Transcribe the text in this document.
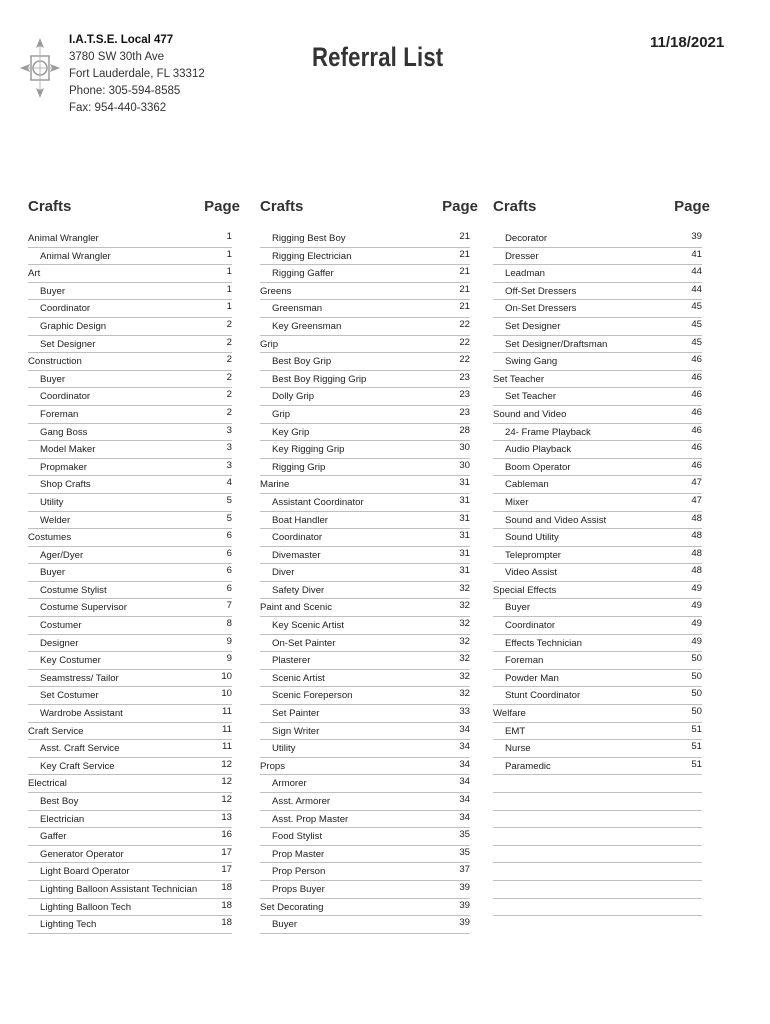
I.A.T.S.E. Local 477
3780 SW 30th Ave
Fort Lauderdale, FL 33312
Phone: 305-594-8585
Fax: 954-440-3362
Referral List	11/18/2021
Crafts	Page
Animal Wrangler	1
Animal Wrangler	1
Art	1
Buyer	1
Coordinator	1
Graphic Design	2
Set Designer	2
Construction	2
Buyer	2
Coordinator	2
Foreman	2
Gang Boss	3
Model Maker	3
Propmaker	3
Shop Crafts	4
Utility	5
Welder	5
Costumes	6
Ager/Dyer	6
Buyer	6
Costume Stylist	6
Costume Supervisor	7
Costumer	8
Designer	9
Key Costumer	9
Seamstress/ Tailor	10
Set Costumer	10
Wardrobe Assistant	11
Craft Service	11
Asst. Craft Service	11
Key Craft Service	12
Electrical	12
Best Boy	12
Electrician	13
Gaffer	16
Generator Operator	17
Light Board Operator	17
Lighting Balloon Assistant Technician	18
Lighting Balloon Tech	18
Lighting Tech	18
Crafts	Page
Rigging Best Boy	21
Rigging Electrician	21
Rigging Gaffer	21
Greens	21
Greensman	21
Key Greensman	22
Grip	22
Best Boy Grip	22
Best Boy Rigging Grip	23
Dolly Grip	23
Grip	23
Key Grip	28
Key Rigging Grip	30
Rigging Grip	30
Marine	31
Assistant Coordinator	31
Boat Handler	31
Coordinator	31
Divemaster	31
Diver	31
Safety Diver	32
Paint and Scenic	32
Key Scenic Artist	32
On-Set Painter	32
Plasterer	32
Scenic Artist	32
Scenic Foreperson	32
Set Painter	33
Sign Writer	34
Utility	34
Props	34
Armorer	34
Asst. Armorer	34
Asst. Prop Master	34
Food Stylist	35
Prop Master	35
Prop Person	37
Props Buyer	39
Set Decorating	39
Buyer	39
Crafts	Page
Decorator	39
Dresser	41
Leadman	44
Off-Set Dressers	44
On-Set Dressers	45
Set Designer	45
Set Designer/Draftsman	45
Swing Gang	46
Set Teacher	46
Set Teacher	46
Sound and Video	46
24- Frame Playback	46
Audio Playback	46
Boom Operator	46
Cableman	47
Mixer	47
Sound and Video Assist	48
Sound Utility	48
Teleprompter	48
Video Assist	48
Special Effects	49
Buyer	49
Coordinator	49
Effects Technician	49
Foreman	50
Powder Man	50
Stunt Coordinator	50
Welfare	50
EMT	51
Nurse	51
Paramedic	51
